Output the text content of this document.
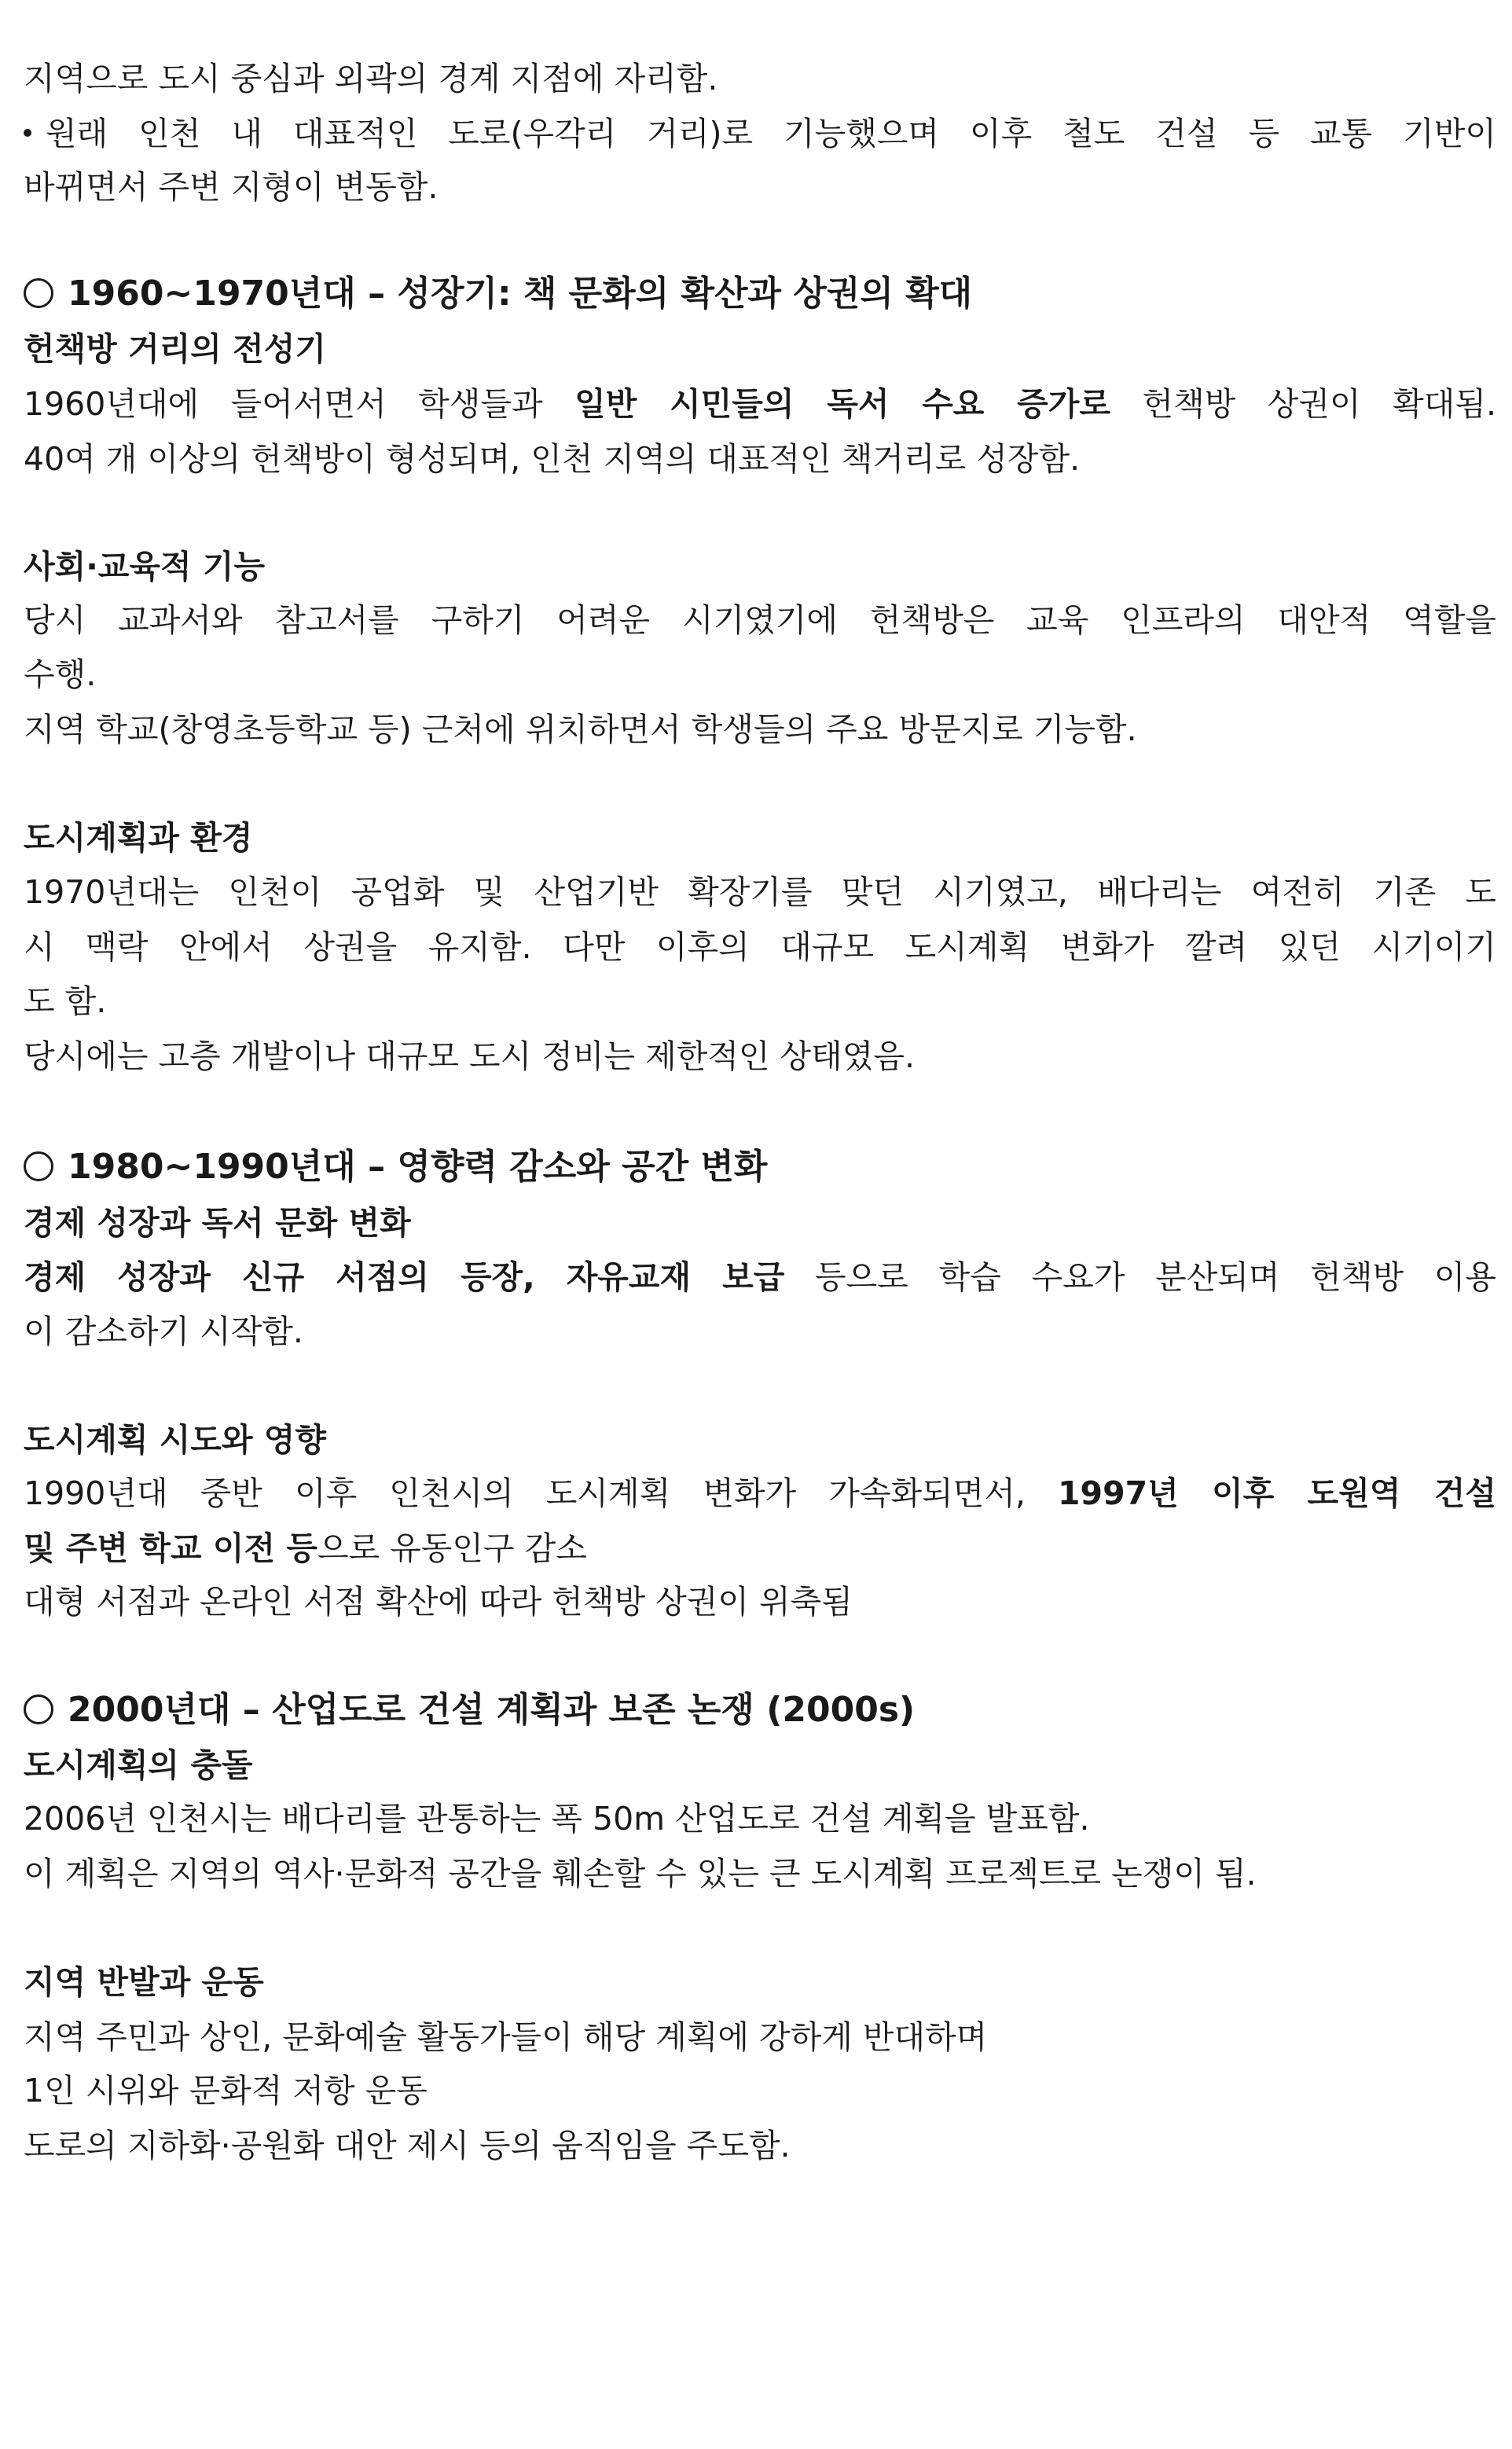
지역으로 도시 중심과 외곽의 경계 지점에 자리함.
원래 인천 내 대표적인 도로(우각리 거리)로 기능했으며 이후 철도 건설 등 교통 기반이
바뀌면서 주변 지형이 변동함.
1960~1970년대 – 성장기: 책 문화의 확산과 상권의 확대
헌책방 거리의 전성기
1960년대에 들어서면서 학생들과 일반 시민들의 독서 수요 증가로 헌책방 상권이 확대됨.
40여 개 이상의 헌책방이 형성되며, 인천 지역의 대표적인 책거리로 성장함.
사회·교육적 기능
당시 교과서와 참고서를 구하기 어려운 시기였기에 헌책방은 교육 인프라의 대안적 역할을
수행.
지역 학교(창영초등학교 등) 근처에 위치하면서 학생들의 주요 방문지로 기능함.
도시계획과 환경
1970년대는 인천이 공업화 및 산업기반 확장기를 맞던 시기였고, 배다리는 여전히 기존 도
시 맥락 안에서 상권을 유지함. 다만 이후의 대규모 도시계획 변화가 깔려 있던 시기이기
도 함.
당시에는 고층 개발이나 대규모 도시 정비는 제한적인 상태였음.
1980~1990년대 – 영향력 감소와 공간 변화
경제 성장과 독서 문화 변화
경제 성장과 신규 서점의 등장, 자유교재 보급 등으로 학습 수요가 분산되며 헌책방 이용
이 감소하기 시작함.
도시계획 시도와 영향
1990년대 중반 이후 인천시의 도시계획 변화가 가속화되면서, 1997년 이후 도원역 건설
및 주변 학교 이전 등으로 유동인구 감소
대형 서점과 온라인 서점 확산에 따라 헌책방 상권이 위축됨
2000년대 – 산업도로 건설 계획과 보존 논쟁 (2000s)
도시계획의 충돌
2006년 인천시는 배다리를 관통하는 폭 50m 산업도로 건설 계획을 발표함.
이 계획은 지역의 역사·문화적 공간을 훼손할 수 있는 큰 도시계획 프로젝트로 논쟁이 됨.
지역 반발과 운동
지역 주민과 상인, 문화예술 활동가들이 해당 계획에 강하게 반대하며
1인 시위와 문화적 저항 운동
도로의 지하화·공원화 대안 제시 등의 움직임을 주도함.
